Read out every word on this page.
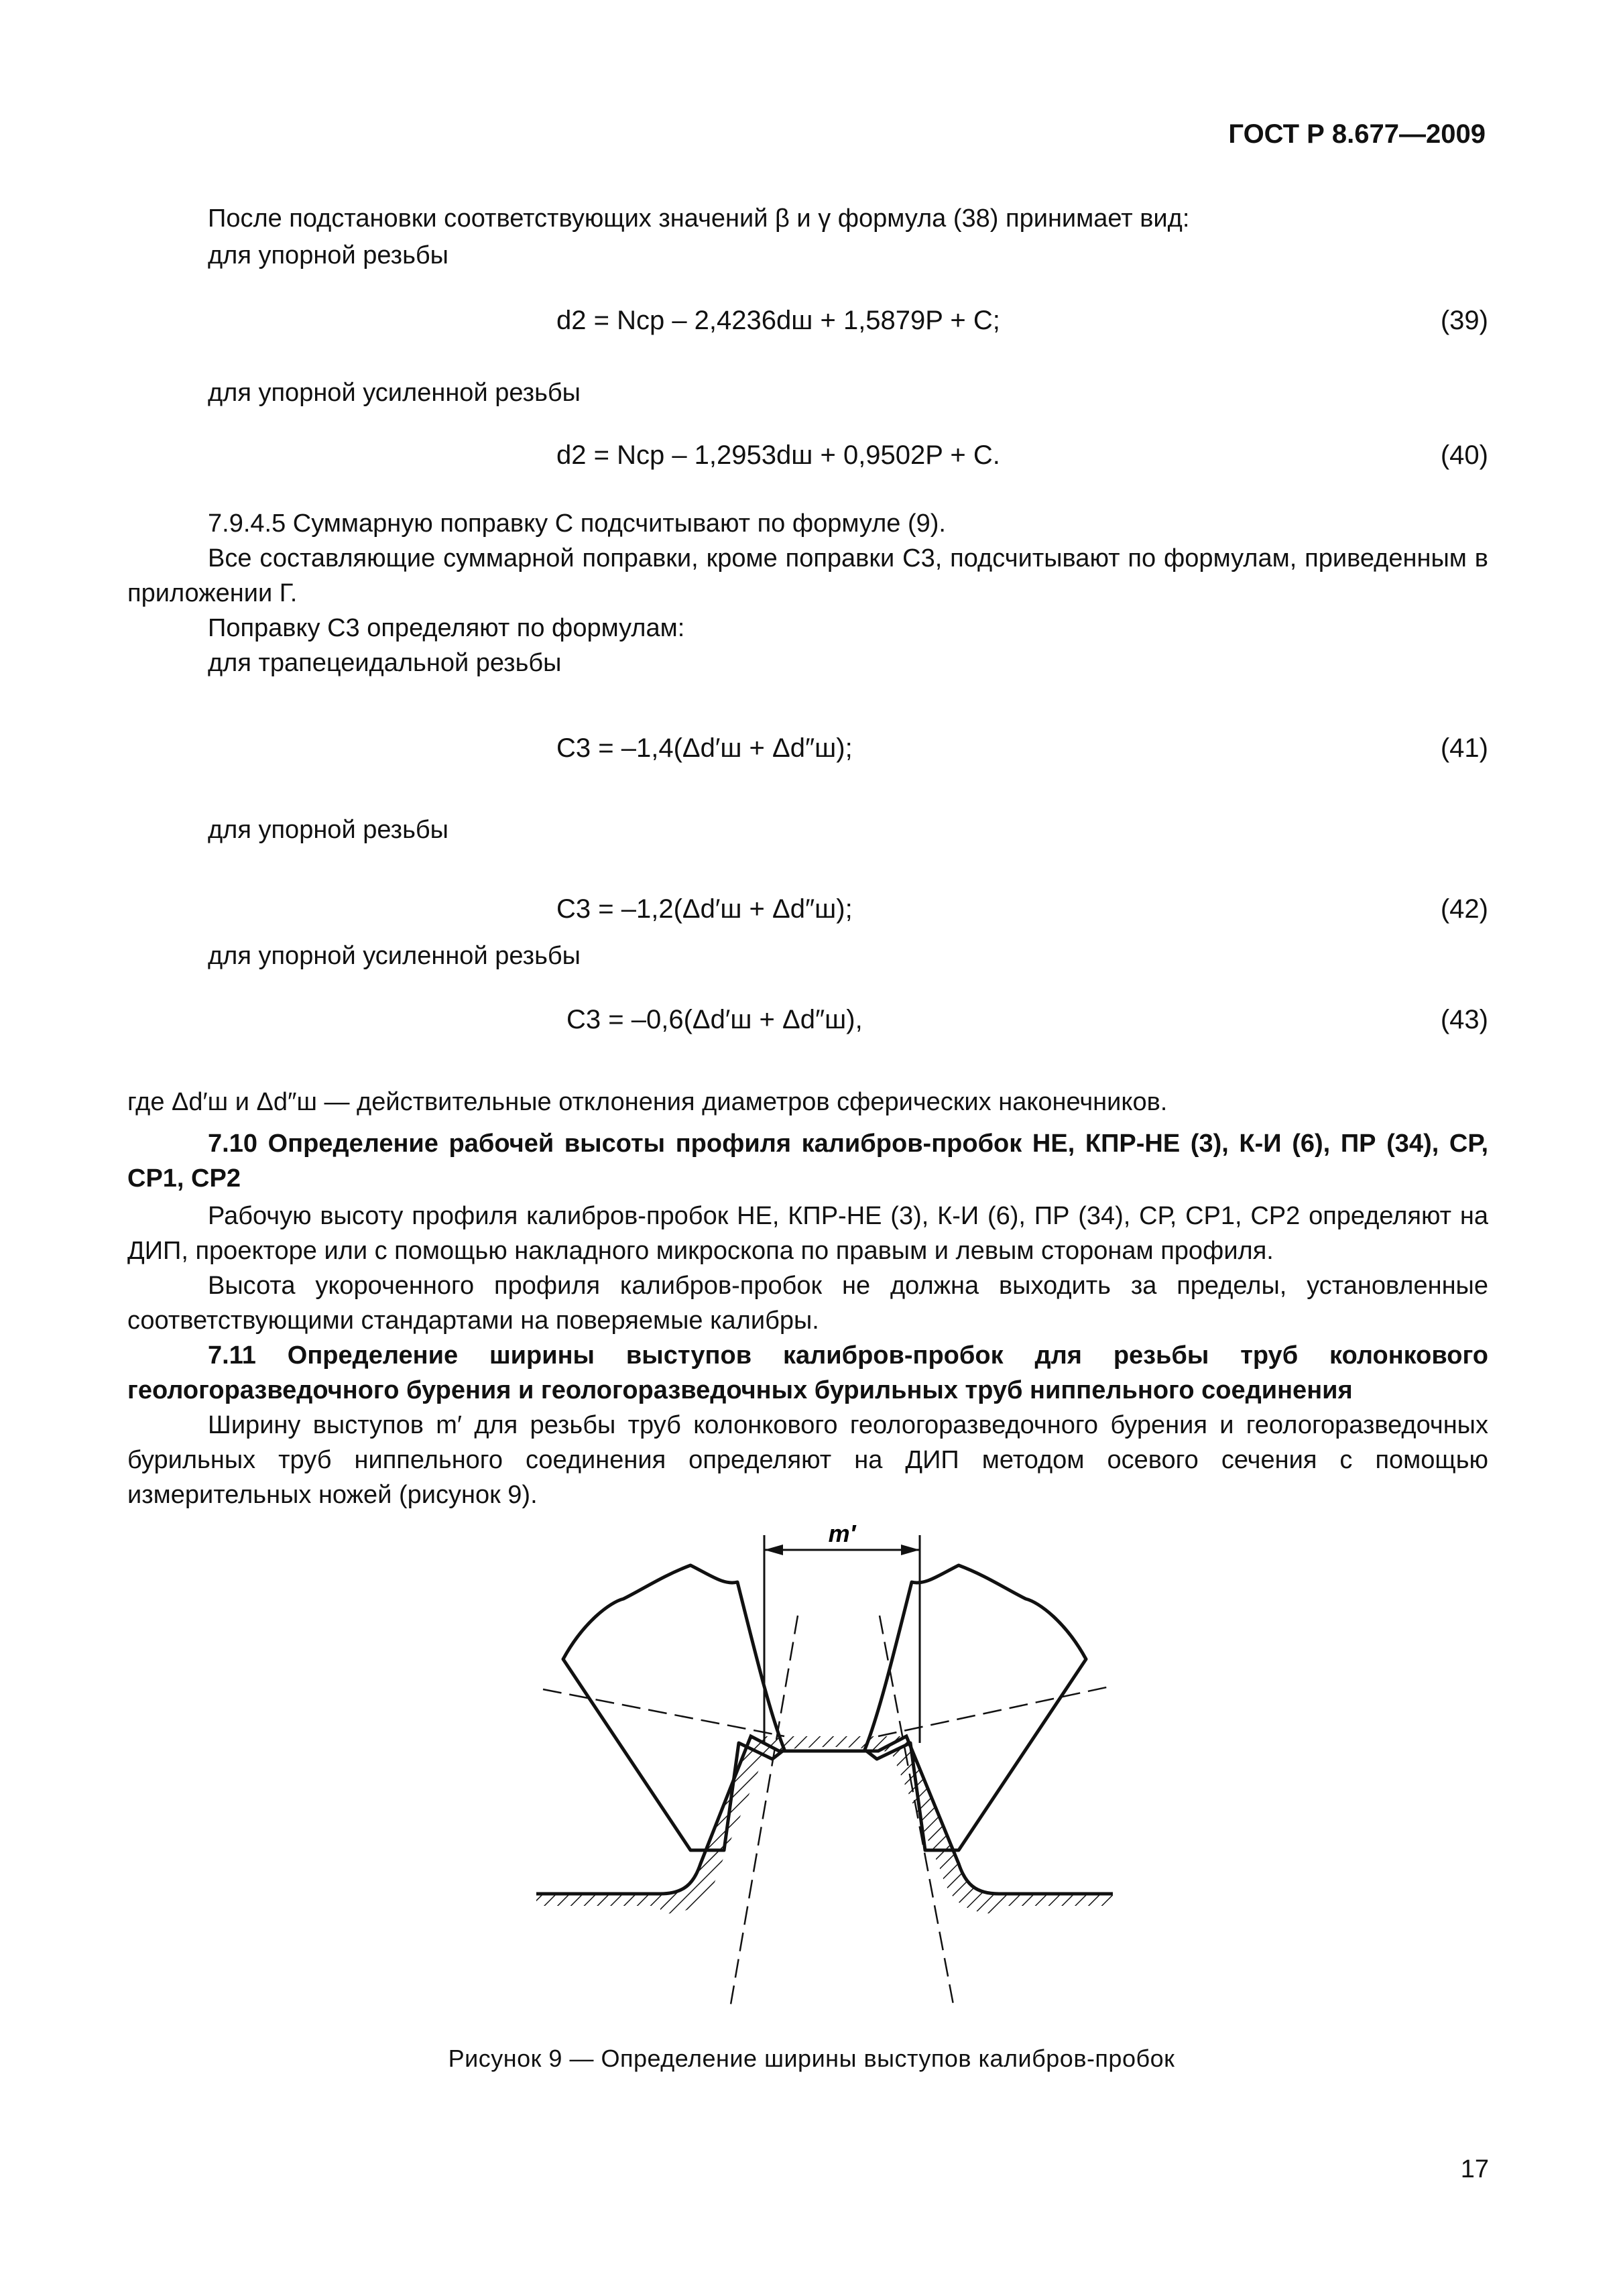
ГОСТ Р 8.677—2009

После подстановки соответствующих значений β и γ формула (38) принимает вид:

для упорной резьбы

d2 = Nср – 2,4236dш + 1,5879P + C;	(39)

для упорной усиленной резьбы

d2 = Nср – 1,2953dш + 0,9502P + C.	(40)

7.9.4.5 Суммарную поправку C подсчитывают по формуле (9).

Все составляющие суммарной поправки, кроме поправки C3, подсчитывают по формулам, приведенным в приложении Г.

Поправку C3 определяют по формулам:

для трапецеидальной резьбы

C3 = –1,4(Δd′ш + Δd″ш);	(41)

для упорной резьбы

C3 = –1,2(Δd′ш + Δd″ш);	(42)

для упорной усиленной резьбы

C3 = –0,6(Δd′ш + Δd″ш),	(43)

где Δd′ш и Δd″ш — действительные отклонения диаметров сферических наконечников.

7.10 Определение рабочей высоты профиля калибров-пробок НЕ, КПР-НЕ (3), К-И (6), ПР (34), СР, СР1, СР2

Рабочую высоту профиля калибров-пробок НЕ, КПР-НЕ (3), К-И (6), ПР (34), СР, СР1, СР2 определяют на ДИП, проекторе или с помощью накладного микроскопа по правым и левым сторонам профиля.

Высота укороченного профиля калибров-пробок не должна выходить за пределы, установленные соответствующими стандартами на поверяемые калибры.

7.11 Определение ширины выступов калибров-пробок для резьбы труб колонкового геологоразведочного бурения и геологоразведочных бурильных труб ниппельного соединения

Ширину выступов m′ для резьбы труб колонкового геологоразведочного бурения и геологоразведочных бурильных труб ниппельного соединения определяют на ДИП методом осевого сечения с помощью измерительных ножей (рисунок 9).

m′
Рисунок 9 — Определение ширины выступов калибров-пробок
17
